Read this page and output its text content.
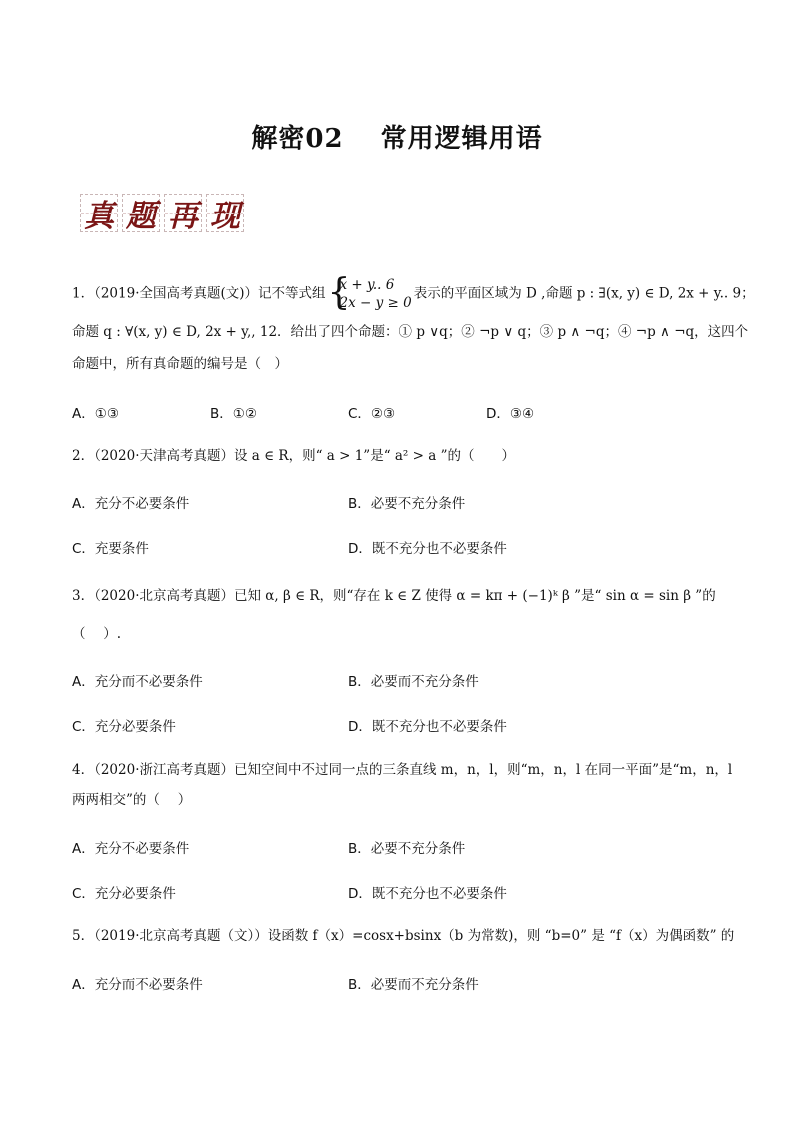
解密02　 常用逻辑用语
真 题 再 现
1．（2019·全国高考真题(文)）记不等式组 {
x + y.. 6
2x − y ≥ 0
表示的平面区域为 D ,命题 p : ∃(x, y) ∈ D, 2x + y.. 9；
命题 q : ∀(x, y) ∈ D, 2x + y,, 12．给出了四个命题：① p ∨q；② ¬p ∨ q；③ p ∧ ¬q；④ ¬p ∧ ¬q，这四个
命题中，所有真命题的编号是（　）
A．①③	B．①②	C．②③	D．③④
2．（2020·天津高考真题）设 a ∈ R，则“ a > 1”是“ a² > a ”的（　　）
A．充分不必要条件	B．必要不充分条件
C．充要条件	D．既不充分也不必要条件
3．（2020·北京高考真题）已知 α, β ∈ R，则“存在 k ∈ Z 使得 α = kπ + (−1)ᵏ β ”是“ sin α = sin β ”的
（　 ）.
A．充分而不必要条件	B．必要而不充分条件
C．充分必要条件	D．既不充分也不必要条件
4．（2020·浙江高考真题）已知空间中不过同一点的三条直线 m，n，l，则“m，n，l 在同一平面”是“m，n，l
两两相交”的（　 ）
A．充分不必要条件	B．必要不充分条件
C．充分必要条件	D．既不充分也不必要条件
5．（2019·北京高考真题（文））设函数 f（x）=cosx+bsinx（b 为常数)，则 “b=0” 是 “f（x）为偶函数” 的
A．充分而不必要条件	B．必要而不充分条件
